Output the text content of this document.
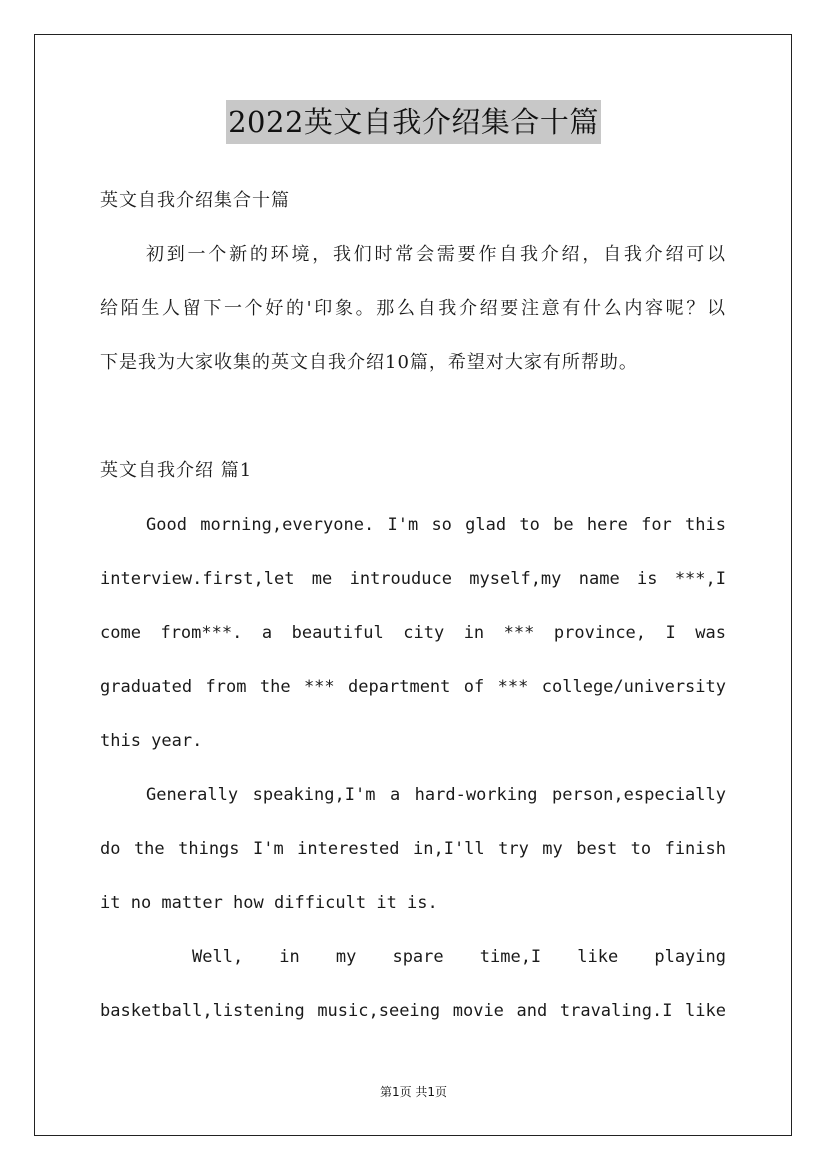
2022英文自我介绍集合十篇
英文自我介绍集合十篇
初到一个新的环境，我们时常会需要作自我介绍，自我介绍可以
给陌生人留下一个好的'印象。那么自我介绍要注意有什么内容呢？以
下是我为大家收集的英文自我介绍10篇，希望对大家有所帮助。
英文自我介绍 篇1
Good morning,everyone. I'm so glad to be here for this
interview.first,let me introuduce myself,my name is ***,I
come from***. a beautiful city in *** province, I was
graduated from the *** department of *** college/university
this year.
Generally speaking,I'm a hard-working person,especially
do the things I'm interested in,I'll try my best to finish
it no matter how difficult it is.
Well, in my spare time,I like playing
basketball,listening music,seeing movie and travaling.I like
第1页 共1页
